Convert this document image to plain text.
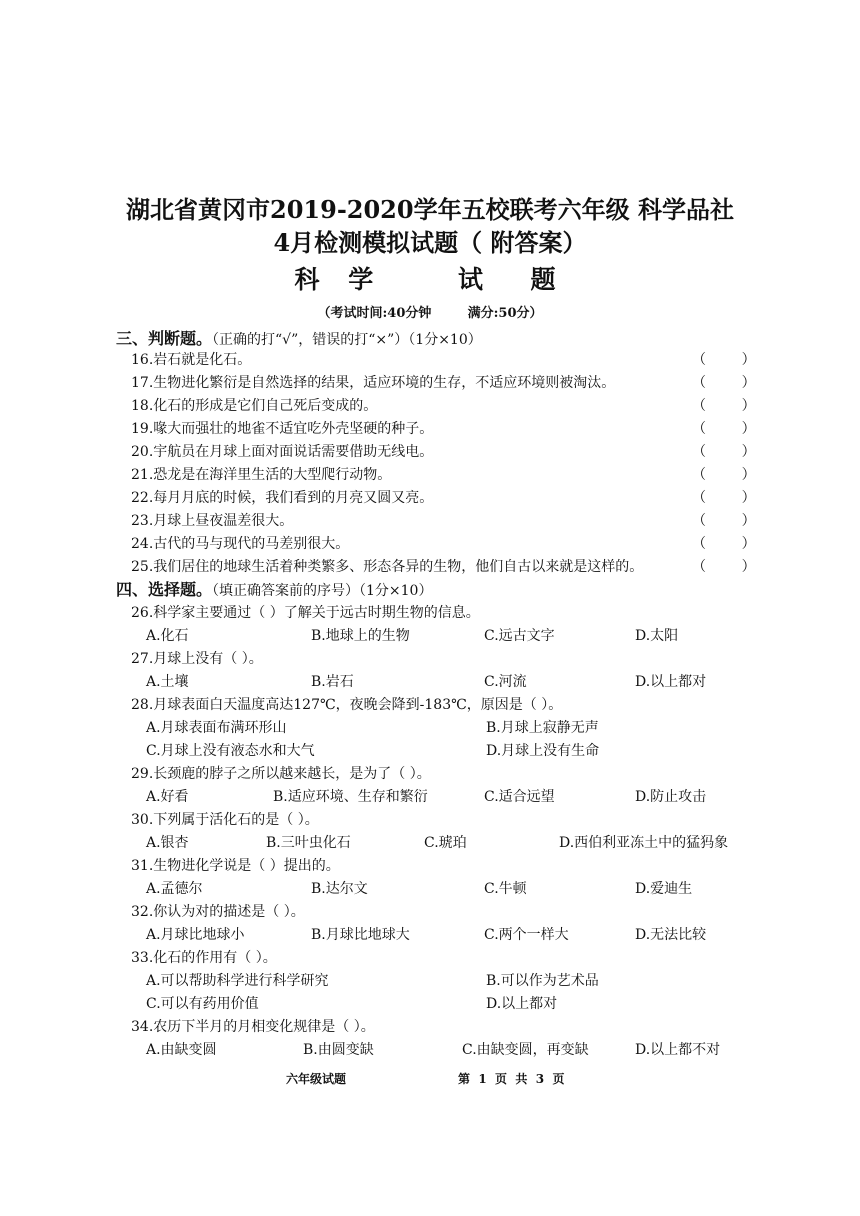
湖北省黄冈市2019-2020学年五校联考六年级 科学品社
4月检测模拟试题（ 附答案）
科 学    试  题
（考试时间:40分钟        满分:50分）
三、判断题。（正确的打“√”，错误的打“×”）（1分×10）
16.岩石就是化石。	（        ）
17.生物进化繁衍是自然选择的结果，适应环境的生存，不适应环境则被淘汰。	（        ）
18.化石的形成是它们自己死后变成的。	（        ）
19.喙大而强壮的地雀不适宜吃外壳坚硬的种子。	（        ）
20.宇航员在月球上面对面说话需要借助无线电。	（        ）
21.恐龙是在海洋里生活的大型爬行动物。	（        ）
22.每月月底的时候，我们看到的月亮又圆又亮。	（        ）
23.月球上昼夜温差很大。	（        ）
24.古代的马与现代的马差别很大。	（        ）
25.我们居住的地球生活着种类繁多、形态各异的生物，他们自古以来就是这样的。	（        ）
四、选择题。（填正确答案前的序号）（1分×10）
26.科学家主要通过（ ）了解关于远古时期生物的信息。
A.化石	B.地球上的生物	C.远古文字	D.太阳
27.月球上没有（ ）。
A.土壤	B.岩石	C.河流	D.以上都对
28.月球表面白天温度高达127℃，夜晚会降到-183℃，原因是（ ）。
A.月球表面布满环形山	B.月球上寂静无声
C.月球上没有液态水和大气	D.月球上没有生命
29.长颈鹿的脖子之所以越来越长，是为了（ ）。
A.好看	B.适应环境、生存和繁衍	C.适合远望	D.防止攻击
30.下列属于活化石的是（ ）。
A.银杏	B.三叶虫化石	C.琥珀	D.西伯利亚冻土中的猛犸象
31.生物进化学说是（ ）提出的。
A.孟德尔	B.达尔文	C.牛顿	D.爱迪生
32.你认为对的描述是（ ）。
A.月球比地球小	B.月球比地球大	C.两个一样大	D.无法比较
33.化石的作用有（ ）。
A.可以帮助科学进行科学研究	B.可以作为艺术品
C.可以有药用价值	D.以上都对
34.农历下半月的月相变化规律是（ ）。
A.由缺变圆	B.由圆变缺	C.由缺变圆，再变缺	D.以上都不对
六年级试题	第  1  页  共  3  页
